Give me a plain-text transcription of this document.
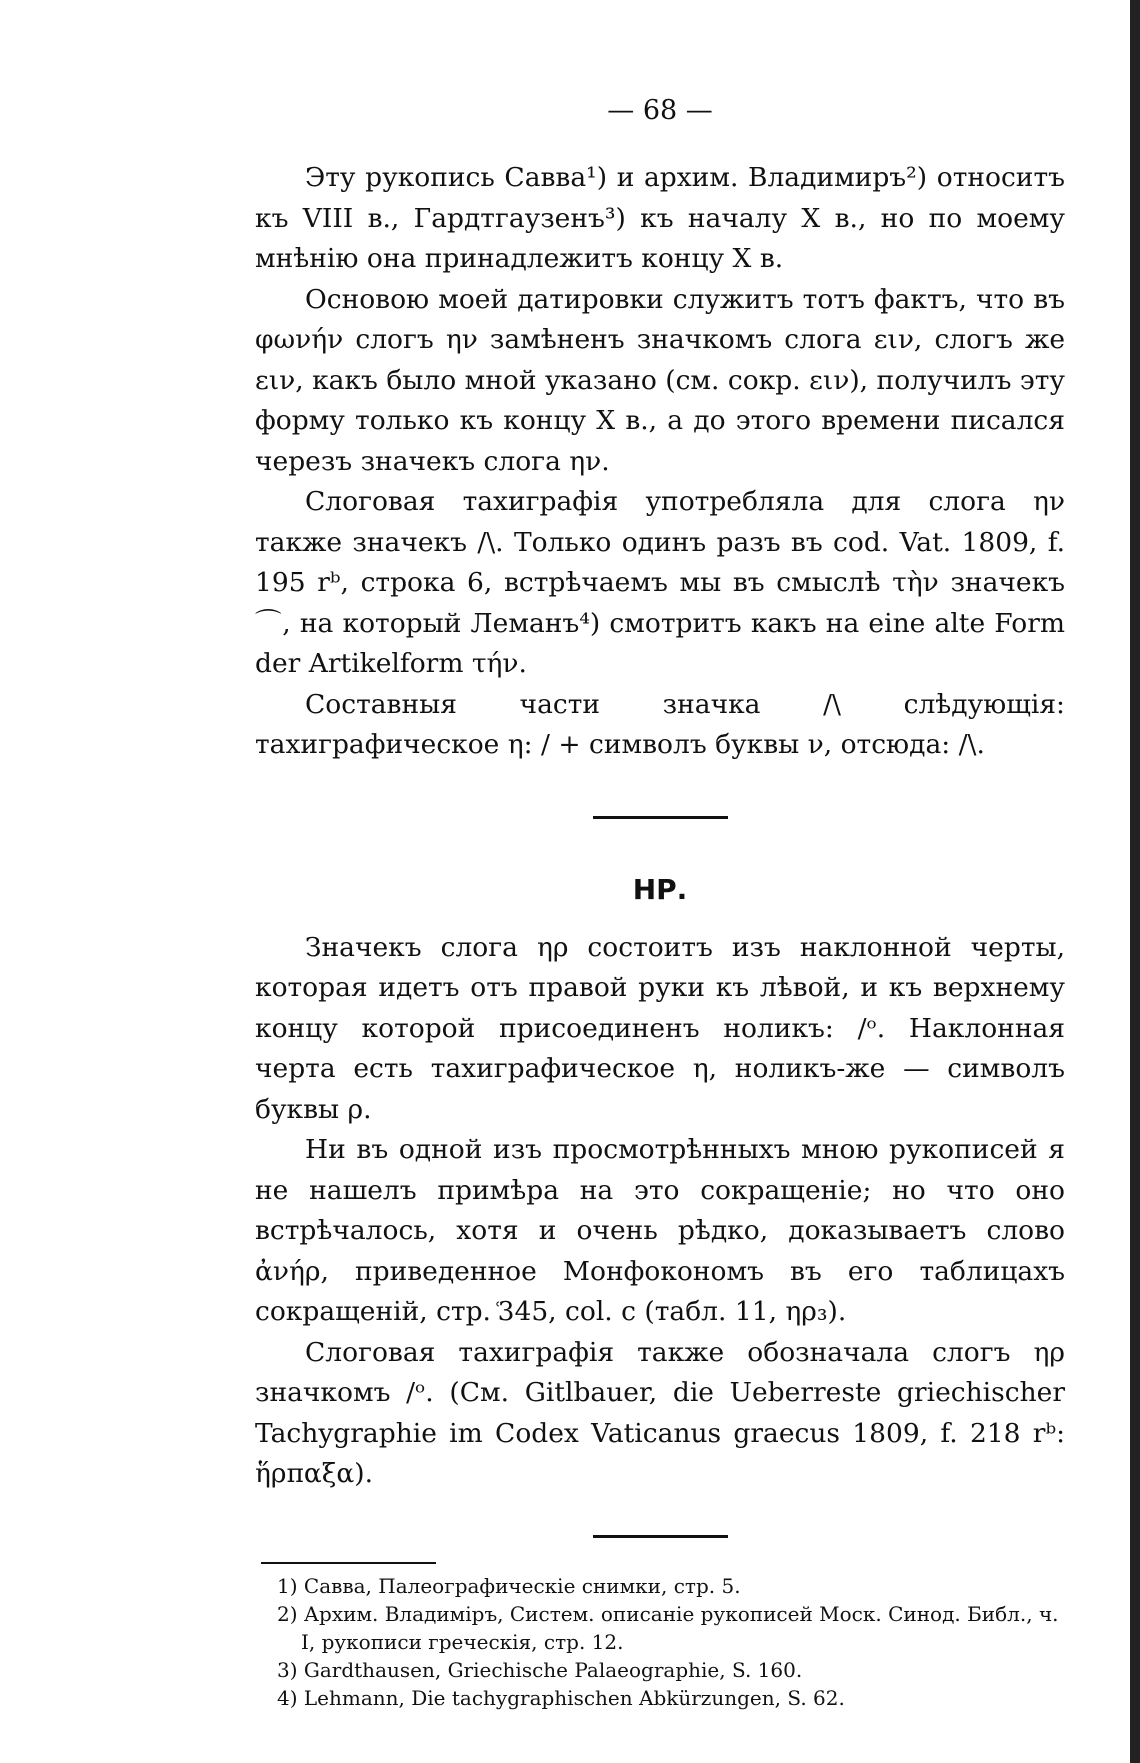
— 68 —

Эту рукопись Савва¹) и архим. Владимиръ²) относитъ къ VIII в., Гардтгаузенъ³) къ началу X в., но по моему мнѣнію она принадлежитъ концу X в.

Основою моей датировки служитъ тотъ фактъ, что въ φωνήν слогъ ην замѣненъ значкомъ слога ειν, слогъ же ειν, какъ было мной указано (см. сокр. ειν), получилъ эту форму только къ концу X в., а до этого времени писался черезъ значекъ слога ην.

Слоговая тахиграфія употребляла для слога ην также значекъ /\. Только одинъ разъ въ cod. Vat. 1809, f. 195 rᵇ, строка 6, встрѣчаемъ мы въ смыслѣ τὴν значекъ ⌒, на который Леманъ⁴) смотритъ какъ на eine alte Form der Artikelform τήν.

Составныя части значка /\ слѣдующія: тахиграфическое η: / + символъ буквы ν, отсюда: /\.

НР.

Значекъ слога ηρ состоитъ изъ наклонной черты, которая идетъ отъ правой руки къ лѣвой, и къ верхнему концу которой присоединенъ ноликъ: /ᵒ. Наклонная черта есть тахиграфическое η, ноликъ-же — символъ буквы ρ.

Ни въ одной изъ просмотрѣнныхъ мною рукописей я не нашелъ примѣра на это сокращеніе; но что оно встрѣчалось, хотя и очень рѣдко, доказываетъ слово ἀνήρ, приведенное Монфокономъ въ его таблицахъ сокращеній, стр. ͑345, col. c (табл. 11, ηρ₃).

Слоговая тахиграфія также обозначала слогъ ηρ значкомъ /ᵒ. (См. Gitlbauer, die Ueberreste griechischer Tachygraphie im Codex Vaticanus graecus 1809, f. 218 rᵇ: ἥρπαξα).

1) Савва, Палеографическіе снимки, стр. 5.
2) Архим. Владиміръ, Систем. описаніе рукописей Моск. Синод. Библ., ч. I, рукописи греческія, стр. 12.
3) Gardthausen, Griechische Palaeographie, S. 160.
4) Lehmann, Die tachygraphischen Abkürzungen, S. 62.
